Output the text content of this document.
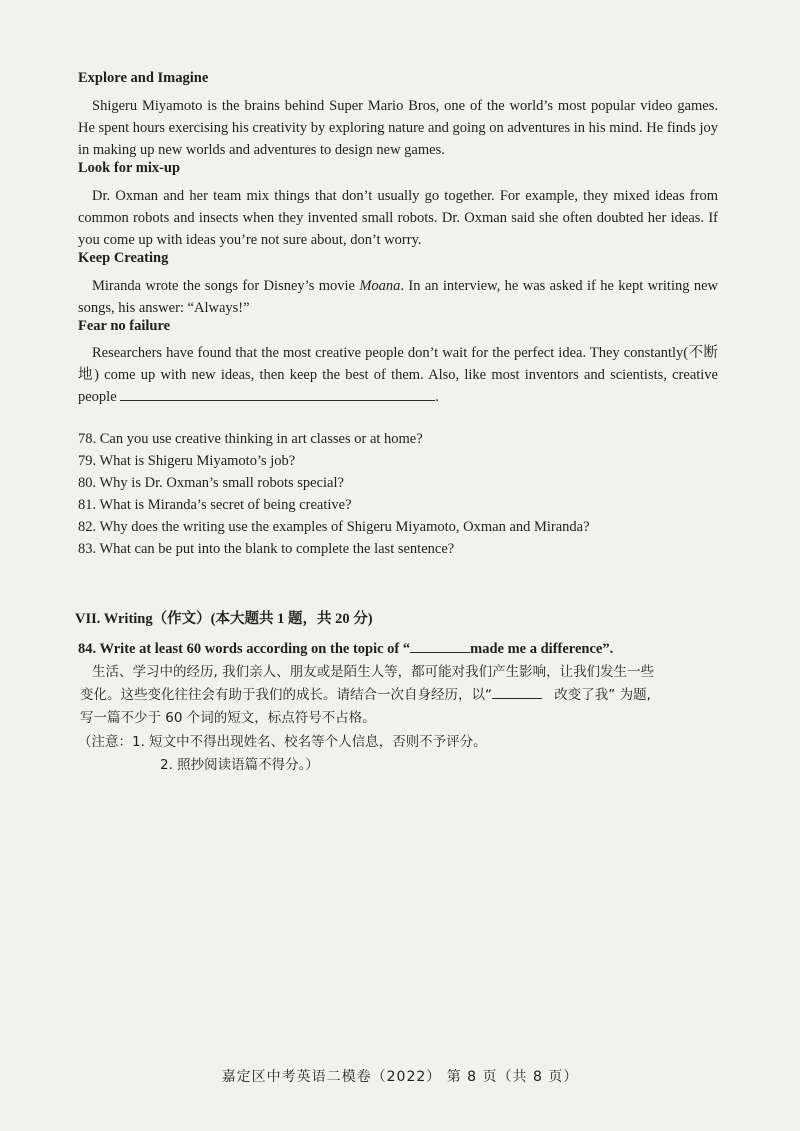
Explore and Imagine
Shigeru Miyamoto is the brains behind Super Mario Bros, one of the world’s most popular video games. He spent hours exercising his creativity by exploring nature and going on adventures in his mind. He finds joy in making up new worlds and adventures to design new games.
Look for mix-up
Dr. Oxman and her team mix things that don’t usually go together. For example, they mixed ideas from common robots and insects when they invented small robots. Dr. Oxman said she often doubted her ideas. If you come up with ideas you’re not sure about, don’t worry.
Keep Creating
Miranda wrote the songs for Disney’s movie Moana. In an interview, he was asked if he kept writing new songs, his answer: “Always!”
Fear no failure
Researchers have found that the most creative people don’t wait for the perfect idea. They constantly(不断地) come up with new ideas, then keep the best of them. Also, like most inventors and scientists, creative people	.
78. Can you use creative thinking in art classes or at home?
79. What is Shigeru Miyamoto’s job?
80. Why is Dr. Oxman’s small robots special?
81. What is Miranda’s secret of being creative?
82. Why does the writing use the examples of Shigeru Miyamoto, Oxman and Miranda?
83. What can be put into the blank to complete the last sentence?
VII. Writing（作文）(本大题共 1 题，共 20 分)
84. Write at least 60 words according on the topic of “	made me a difference”.
生活、学习中的经历, 我们亲人、朋友或是陌生人等，都可能对我们产生影响，让我们发生一些
变化。这些变化往往会有助于我们的成长。请结合一次自身经历，以“	改变了我” 为题,
写一篇不少于 60 个词的短文，标点符号不占格。
（注意：1. 短文中不得出现姓名、校名等个人信息，否则不予评分。
2. 照抄阅读语篇不得分。）
嘉定区中考英语二模卷（2022） 第 8 页（共 8 页）
